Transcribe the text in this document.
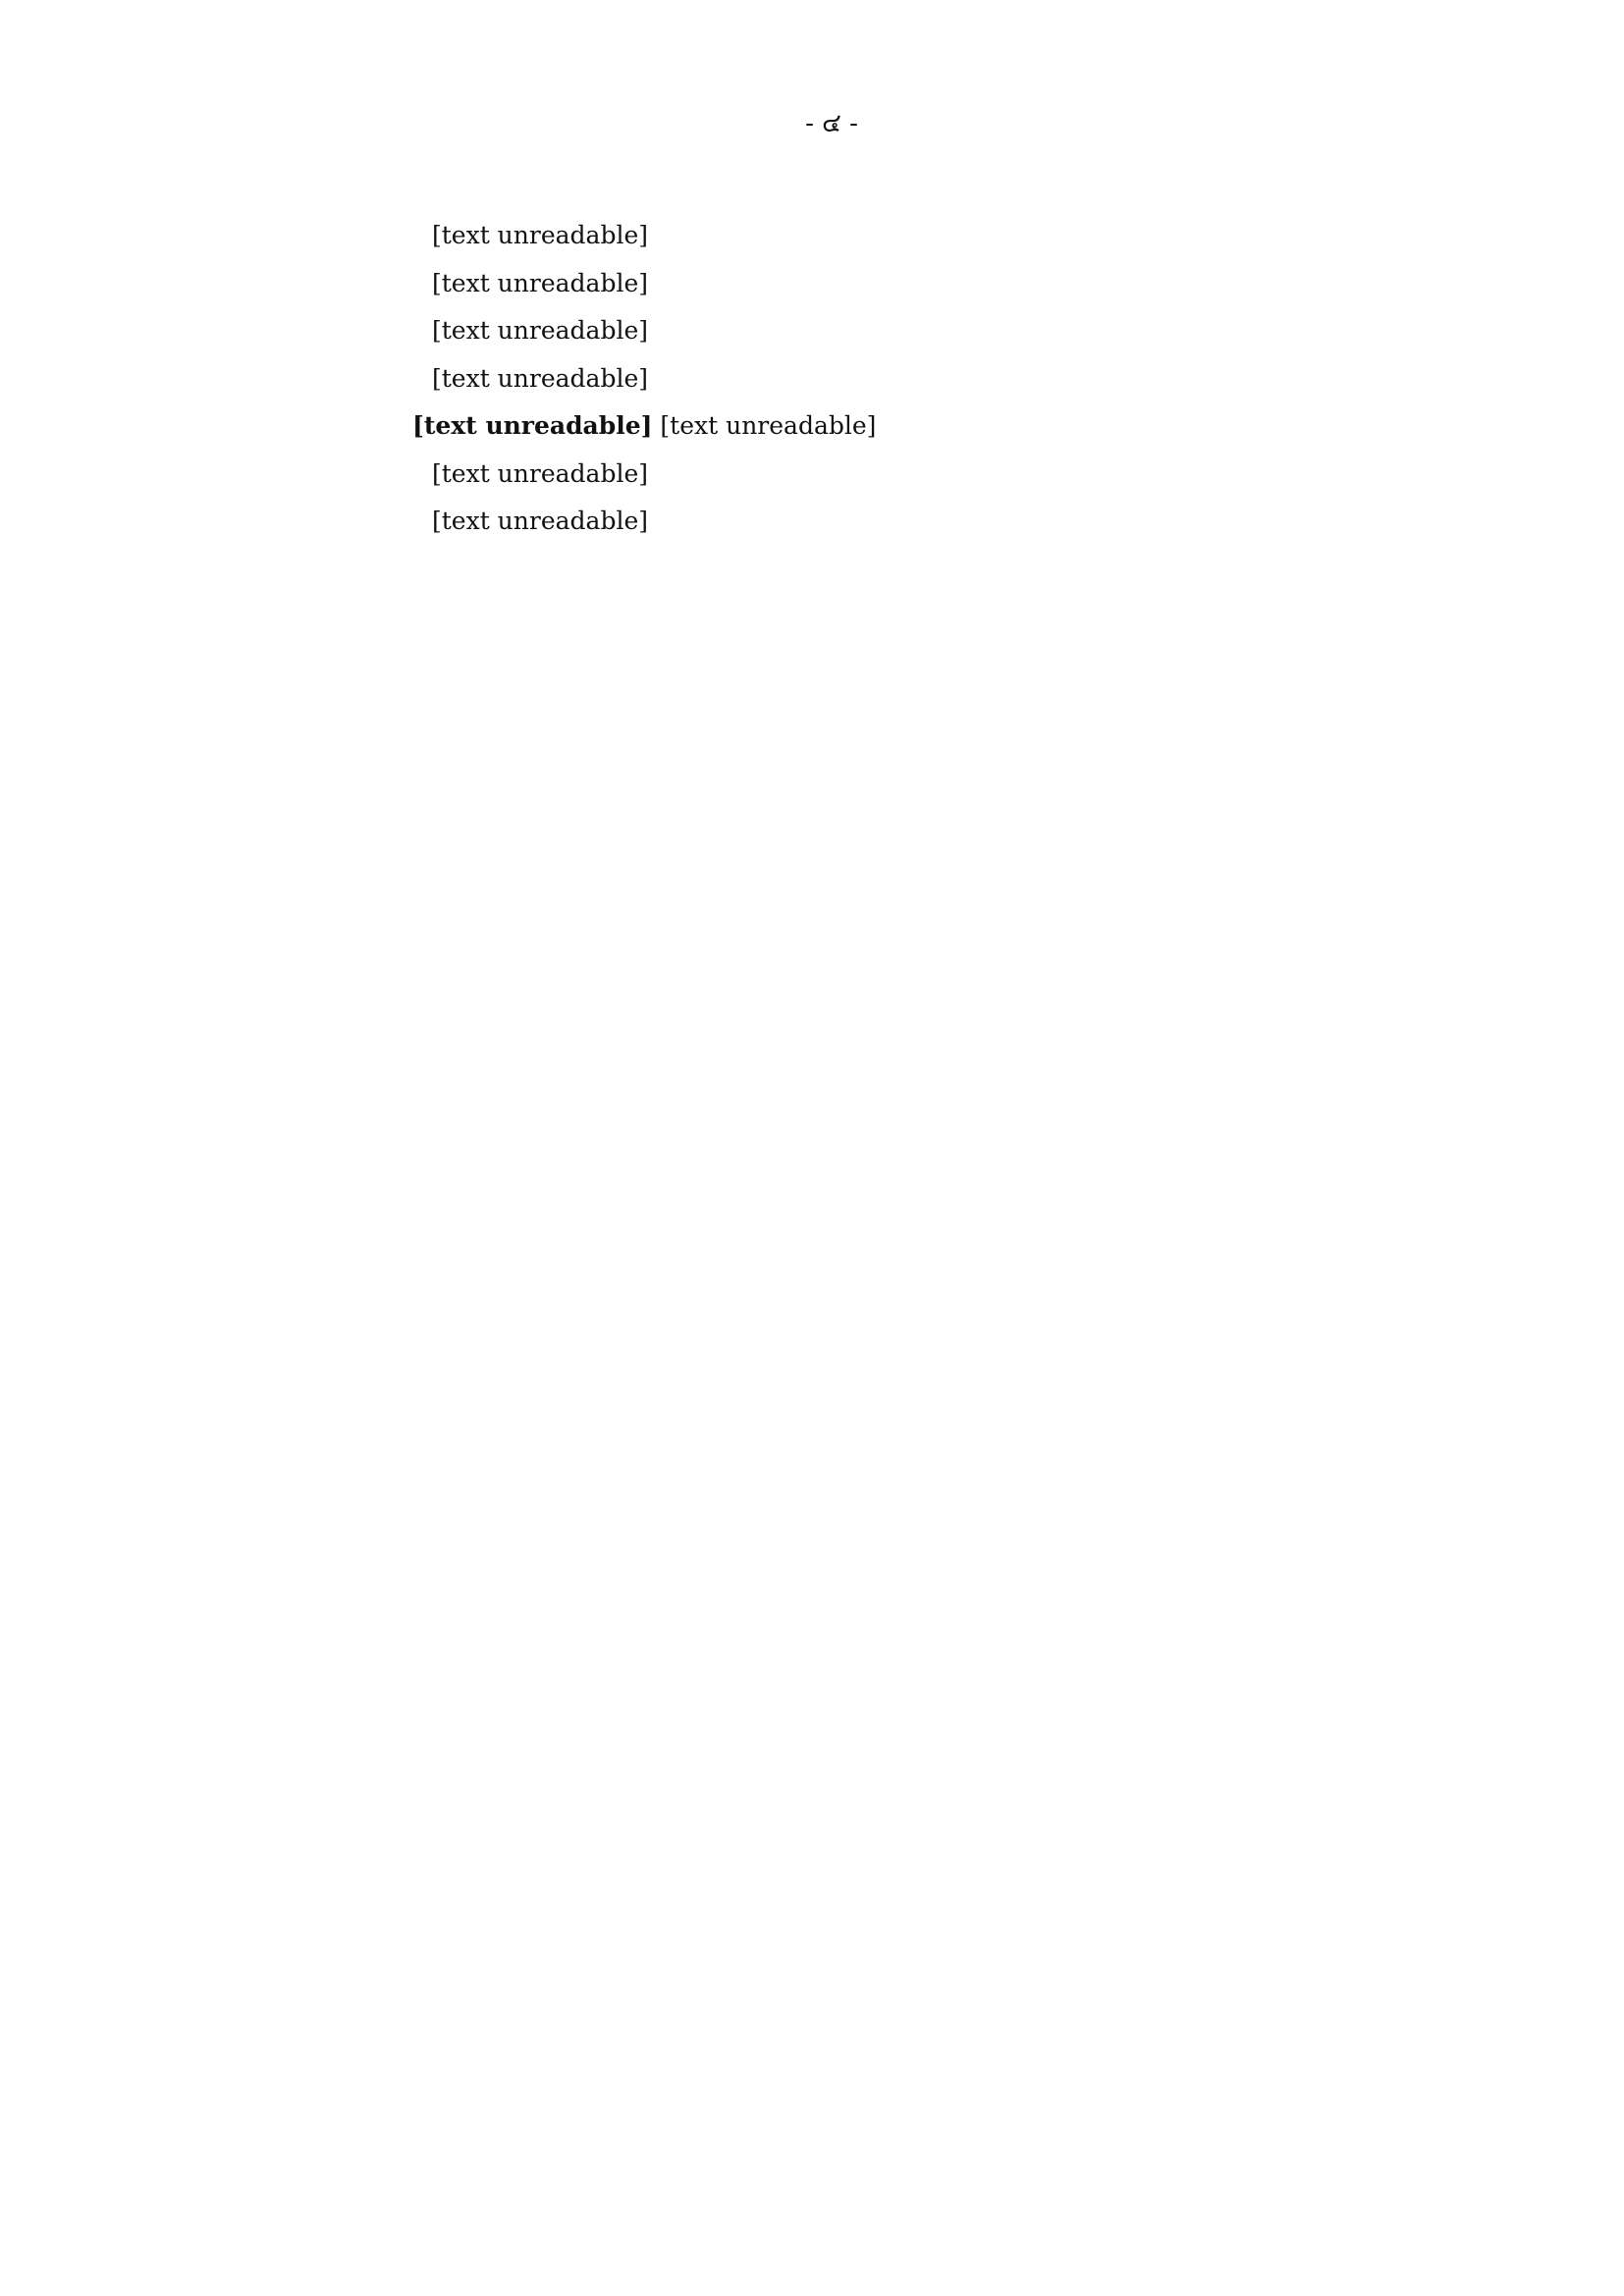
- ๔ -

[text unreadable]

[text unreadable]

[text unreadable]

[text unreadable]

[text unreadable] [text unreadable]

[text unreadable]

[text unreadable]
